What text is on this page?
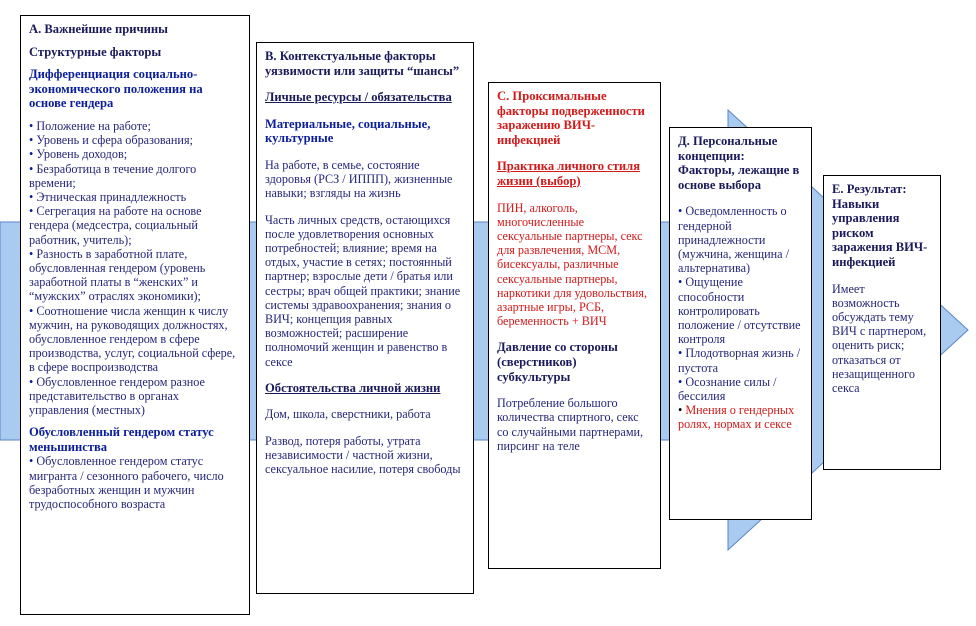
А. Важнейшие причины

Структурные факторы

Дифференциация социально-экономического положения на основе гендера

• Положение на работе;

• Уровень и сфера образования;

• Уровень доходов;

• Безработица в течение долгого времени;

• Этническая принадлежность

• Сегрегация на работе на основе гендера (медсестра, социальный работник, учитель);

• Разность в заработной плате, обусловленная гендером (уровень заработной платы в “женских” и “мужских” отраслях экономики);

• Соотношение числа женщин к числу мужчин, на руководящих должностях, обусловленное гендером в сфере производства, услуг, социальной сфере, в сфере воспроизводства

• Обусловленное гендером разное представительство в органах управления (местных)

Обусловленный гендером статус меньшинства

• Обусловленное гендером статус мигранта / сезонного рабочего, число безработных женщин и мужчин трудоспособного возраста

B. Контекстуальные факторы уязвимости или защиты “шансы”

Личные ресурсы / обязательства

Материальные, социальные, культурные

На работе, в семье, состояние здоровья (РСЗ / ИППП), жизненные навыки; взгляды на жизнь

Часть личных средств, остающихся после удовлетворения основных потребностей; влияние; время на отдых, участие в сетях; постоянный партнер; взрослые дети / братья или сестры; врач общей практики; знание системы здравоохранения; знания о ВИЧ; концепция равных возможностей; расширение полномочий женщин и равенство в сексе

Обстоятельства личной жизни

Дом, школа, сверстники, работа

Развод, потеря работы, утрата независимости / частной жизни, сексуальное насилие, потеря свободы

С. Проксимальные факторы подверженности заражению ВИЧ-инфекцией

Практика личного стиля жизни (выбор)

ПИН, алкоголь, многочисленные сексуальные партнеры, секс для развлечения, МСМ, бисексуалы, различные сексуальные партнеры, наркотики для удовольствия, азартные игры, РСБ, беременность + ВИЧ

Давление со стороны (сверстников) субкультуры

Потребление большого количества спиртного, секс со случайными партнерами, пирсинг на теле

Д. Персональные концепции: Факторы, лежащие в основе выбора

• Осведомленность о гендерной принадлежности (мужчина, женщина / альтернатива)

• Ощущение способности контролировать положение / отсутствие контроля

• Плодотворная жизнь / пустота

• Осознание силы / бессилия

• Мнения о гендерных ролях, нормах и сексе

Е. Результат: Навыки управления риском заражения ВИЧ-инфекцией

Имеет возможность обсуждать тему ВИЧ с партнером, оценить риск; отказаться от незащищенного секса
